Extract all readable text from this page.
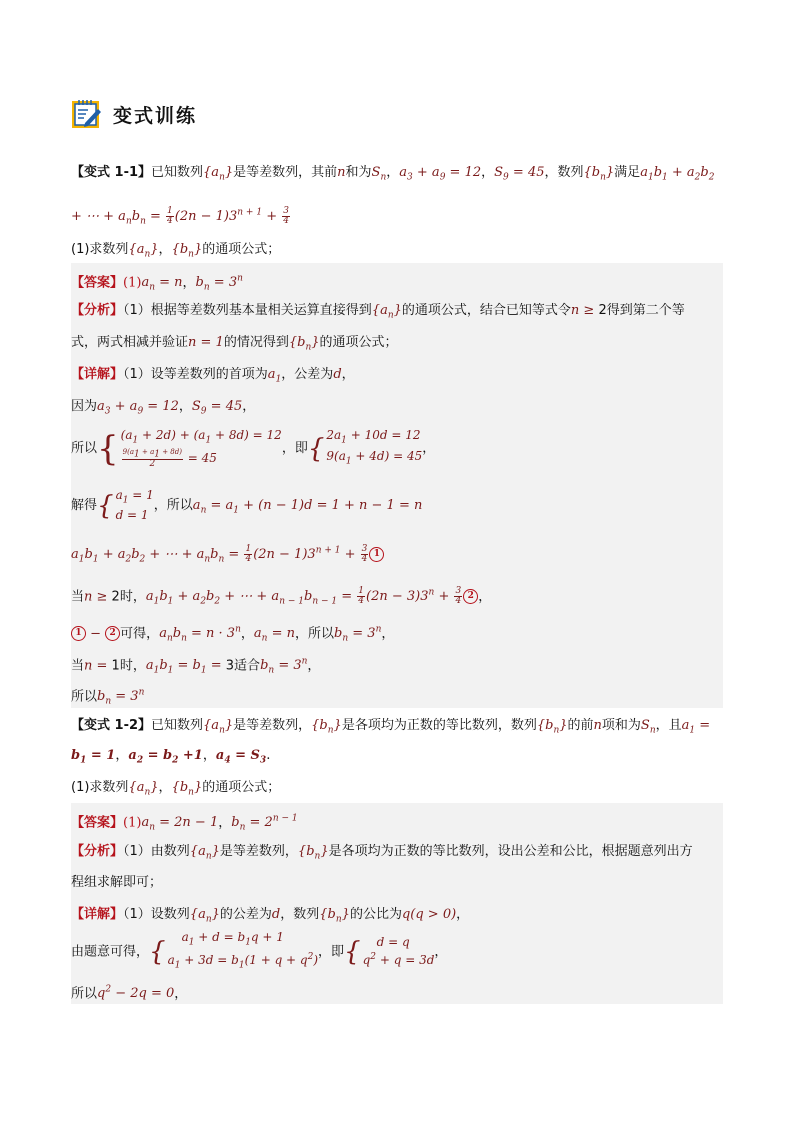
变式训练
【变式 1-1】已知数列$\{a_n\}$是等差数列，其前n和为$S_n$，$a_3 + a_9 = 12$，$S_9 = 45$，数列$\{b_n\}$满足$a_1b_1 + a_2b_2$
+ ⋯ + $a_nb_n = \frac{1}{4} (2n - 1)3^{n + 1} + \frac{3}{4}$
(1)求数列$\{a_n\}$，$\{b_n\}$的通项公式；
【答案】$(1)a_n = n$，$b_n = 3^n$
【分析】（1）根据等差数列基本量相关运算直接得到$\{a_n\}$的通项公式，结合已知等式令n ≥ 2得到第二个等
式，两式相减并验证n = 1的情况得到$\{b_n\}$的通项公式；
【详解】（1）设等差数列的首项为$a_1$，公差为d，
因为$a_3 + a_9 = 12$，$S_9 = 45$，
所以 { $(a_1 + 2d) + (a_1 + 8d) = 12$
$\frac{9(a_1 + a_1 + 8d)}{2} = 45$
，即 { $2a_1 + 10d = 12$
$9(a_1 + 4d) = 45$ ，
解得 { $a_1 = 1$
d = 1
，所以$a_n = a_1 + (n - 1)d = 1 + n - 1 = n$
$a_1b_1 + a_2b_2$ + ⋯ + $a_nb_n = \frac{1}{4} (2n - 1)3^{n + 1} + \frac{3}{4} 1$
当n ≥ 2时，$a_1b_1 + a_2b_2$ + ⋯ + $a_{n - 1}b_{n - 1} = \frac{1}{4} (2n - 3)3^n + \frac{3}{4} 2$ ，
1 − 2 可得，$a_nb_n = n \cdot 3^n$，$a_n = n$，所以$b_n = 3^n$，
当n = 1时，$a_1b_1 = b_1 = 3$适合$b_n = 3^n$，
所以$b_n = 3^n$
【变式 1-2】已知数列$\{a_n\}$是等差数列，$\{b_n\}$是各项均为正数的等比数列，数列$\{b_n\}$的前n项和为$S_n$，且$a_1$ =
$b_1 = 1$，$a_2 = b_2 +1$，$a_4 = S_3$.
(1)求数列$\{a_n\}$，$\{b_n\}$的通项公式；
【答案】$(1)a_n = 2n - 1$，$b_n = 2^{n - 1}$
【分析】（1）由数列$\{a_n\}$是等差数列，$\{b_n\}$是各项均为正数的等比数列，设出公差和公比，根据题意列出方
程组求解即可；
【详解】（1）设数列$\{a_n\}$的公差为d，数列$\{b_n\}$的公比为q(q > 0)，
由题意可得， {	$a_1 + d = b_1q + 1$
$a_1 + 3d = b_1(1 + q + q^2)$
，即 {	d = q
$q^2 + q = 3d$
，
所以$q^2 - 2q = 0$，
